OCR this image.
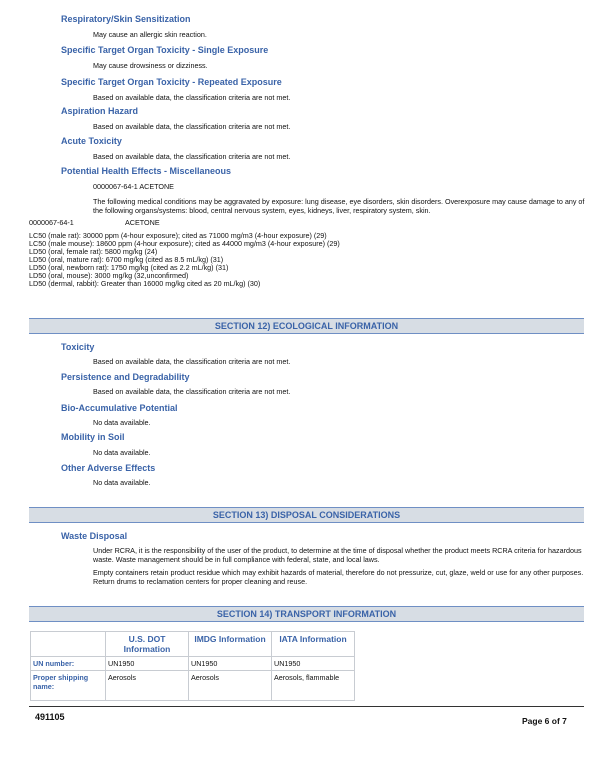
Respiratory/Skin Sensitization
May cause an allergic skin reaction.
Specific Target Organ Toxicity - Single Exposure
May cause drowsiness or dizziness.
Specific Target Organ Toxicity - Repeated Exposure
Based on available data, the classification criteria are not met.
Aspiration Hazard
Based on available data, the classification criteria are not met.
Acute Toxicity
Based on available data, the classification criteria are not met.
Potential Health Effects - Miscellaneous
0000067-64-1 ACETONE
The following medical conditions may be aggravated by exposure: lung disease, eye disorders, skin disorders. Overexposure may cause damage to any of the following organs/systems: blood, central nervous system, eyes, kidneys, liver, respiratory system, skin.
0000067-64-1	ACETONE
LC50 (male rat): 30000 ppm (4-hour exposure); cited as 71000 mg/m3 (4-hour exposure) (29)
LC50 (male mouse): 18600 ppm (4-hour exposure); cited as 44000 mg/m3 (4-hour exposure) (29)
LD50 (oral, female rat): 5800 mg/kg (24)
LD50 (oral, mature rat): 6700 mg/kg (cited as 8.5 mL/kg) (31)
LD50 (oral, newborn rat): 1750 mg/kg (cited as 2.2 mL/kg) (31)
LD50 (oral, mouse): 3000 mg/kg (32,unconfirmed)
LD50 (dermal, rabbit): Greater than 16000 mg/kg cited as 20 mL/kg) (30)
SECTION 12) ECOLOGICAL INFORMATION
Toxicity
Based on available data, the classification criteria are not met.
Persistence and Degradability
Based on available data, the classification criteria are not met.
Bio-Accumulative Potential
No data available.
Mobility in Soil
No data available.
Other Adverse Effects
No data available.
SECTION 13) DISPOSAL CONSIDERATIONS
Waste Disposal
Under RCRA, it is the responsibility of the user of the product, to determine at the time of disposal whether the product meets RCRA criteria for hazardous waste. Waste management should be in full compliance with federal, state, and local laws.
Empty containers retain product residue which may exhibit hazards of material, therefore do not pressurize, cut, glaze, weld or use for any other purposes. Return drums to reclamation centers for proper cleaning and reuse.
SECTION 14) TRANSPORT INFORMATION
	U.S. DOT Information	IMDG Information	IATA Information
UN number:	UN1950	UN1950	UN1950
Proper shipping name:	Aerosols	Aerosols	Aerosols, flammable
491105	Page 6 of 7
